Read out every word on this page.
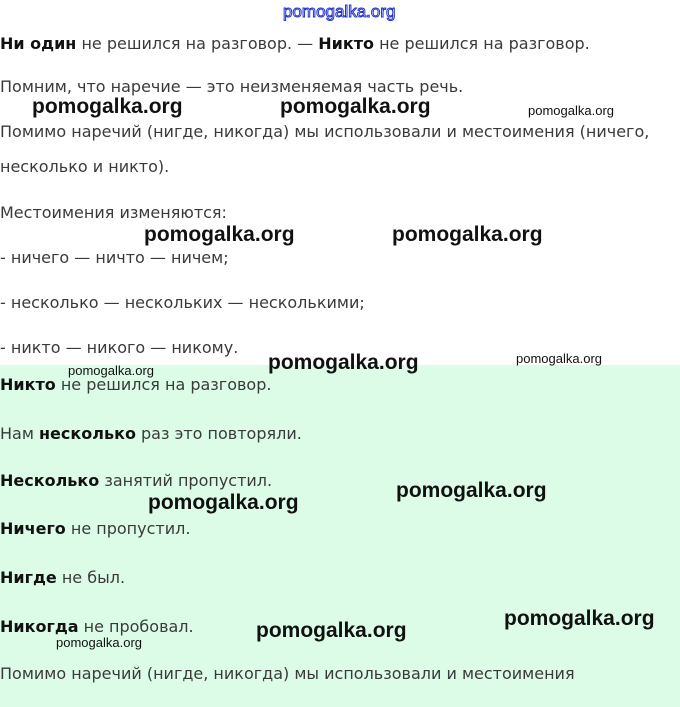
pomogalka.org

Ни один не решился на разговор. — Никто не решился на разговор.

Помним, что наречие — это неизменяемая часть речь.

Помимо наречий (нигде, никогда) мы использовали и местоимения (ничего,

несколько и никто).

Местоимения изменяются:

- ничего — ничто — ничем;

- несколько — нескольких — несколькими;

- никто — никого — никому.

Никто не решился на разговор.

Нам несколько раз это повторяли.

Несколько занятий пропустил.

Ничего не пропустил.

Нигде не был.

Никогда не пробовал.

Помимо наречий (нигде, никогда) мы использовали и местоимения

pomogalka.org	pomogalka.org	pomogalka.org
pomogalka.org	pomogalka.org
pomogalka.org	pomogalka.org
pomogalka.org
pomogalka.org
pomogalka.org
pomogalka.org
pomogalka.org
pomogalka.org
